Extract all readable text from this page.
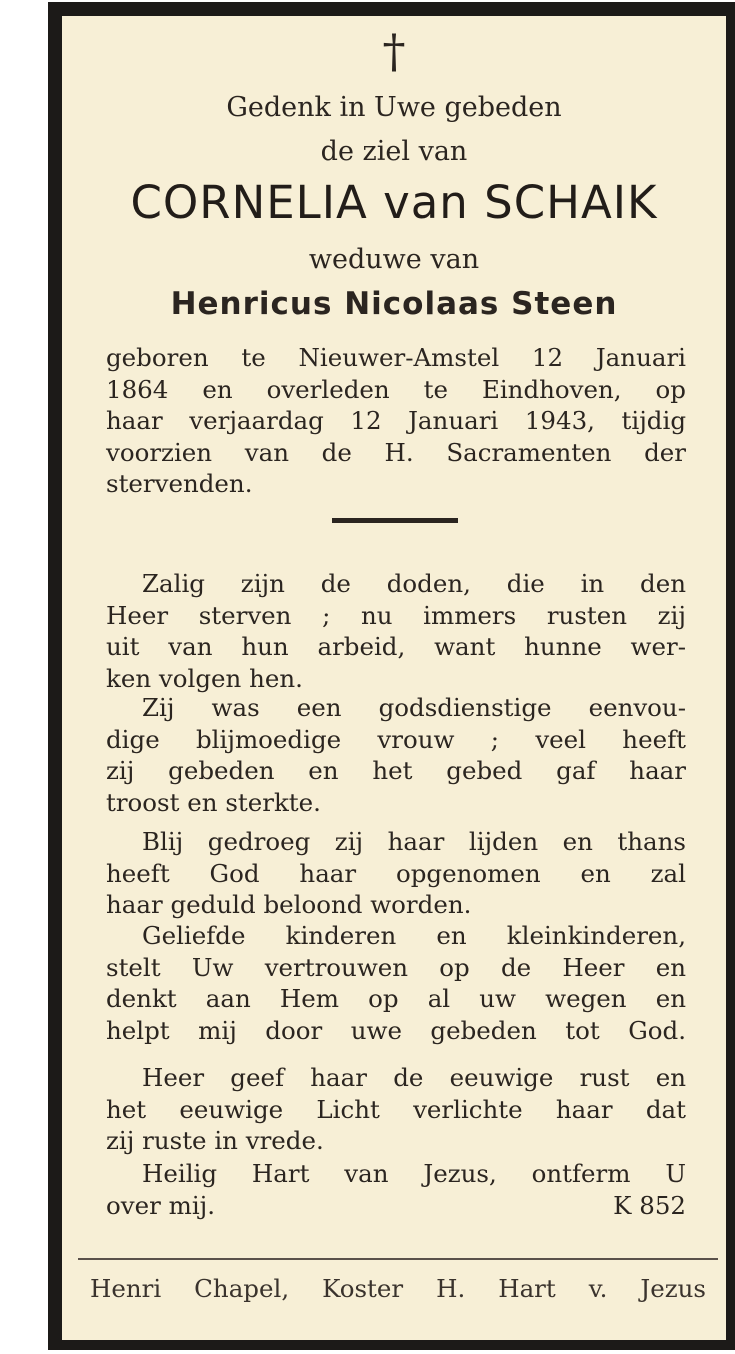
†
Gedenk in Uwe gebeden
de ziel van
CORNELIA van SCHAIK
weduwe van
Henricus Nicolaas Steen
geboren te Nieuwer-Amstel 12 Januari
1864 en overleden te Eindhoven, op
haar verjaardag 12 Januari 1943, tijdig
voorzien van de H. Sacramenten der
stervenden.
Zalig zijn de doden, die in den
Heer sterven ; nu immers rusten zij
uit van hun arbeid, want hunne wer-
ken volgen hen.
Zij was een godsdienstige eenvou-
dige blijmoedige vrouw ; veel heeft
zij gebeden en het gebed gaf haar
troost en sterkte.
Blij gedroeg zij haar lijden en thans
heeft God haar opgenomen en zal
haar geduld beloond worden.
Geliefde kinderen en kleinkinderen,
stelt Uw vertrouwen op de Heer en
denkt aan Hem op al uw wegen en
helpt mij door uwe gebeden tot God.
Heer geef haar de eeuwige rust en
het eeuwige Licht verlichte haar dat
zij ruste in vrede.
Heilig Hart van Jezus, ontferm U
over mij.	K 852
Henri Chapel, Koster H. Hart v. Jezus
